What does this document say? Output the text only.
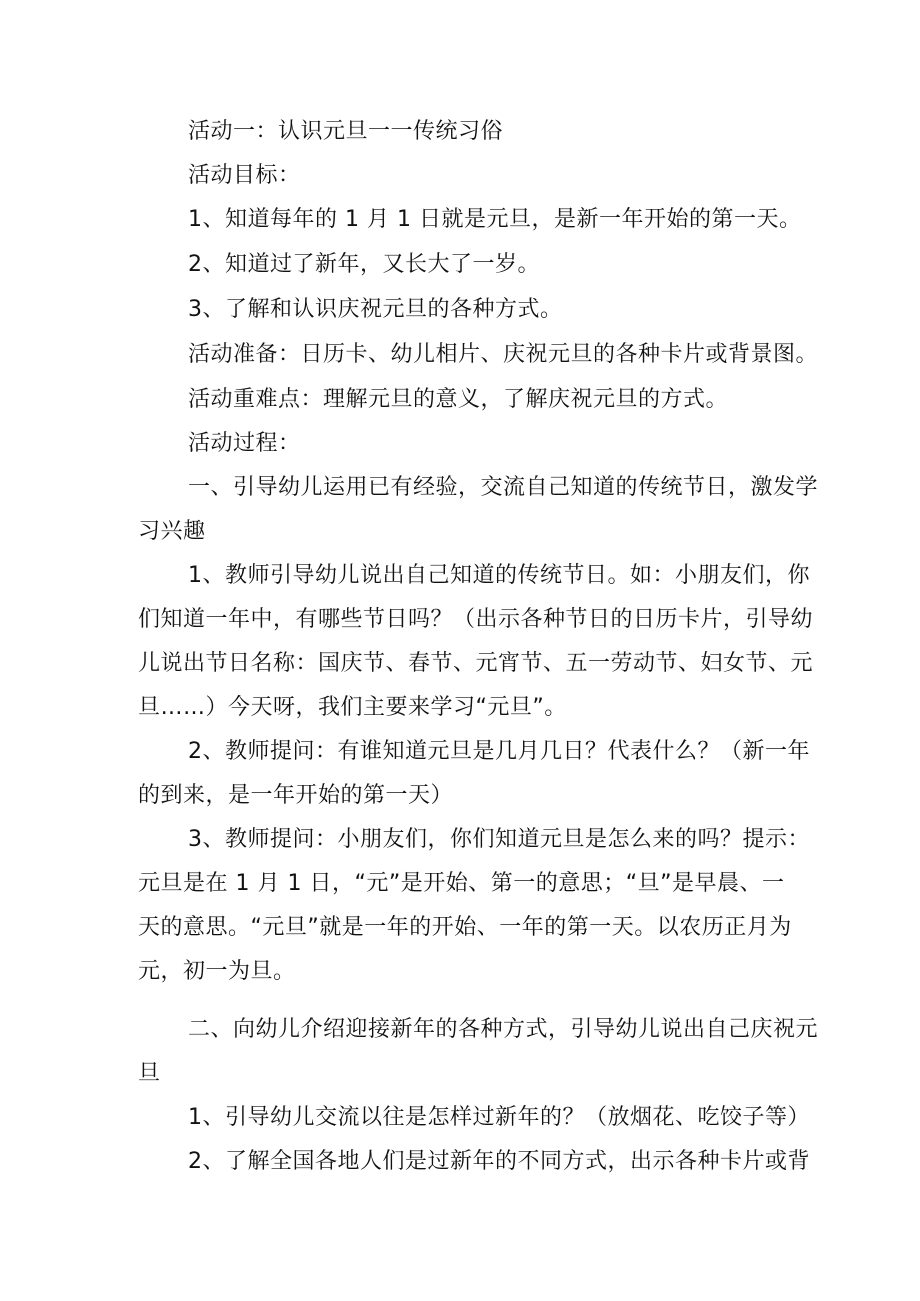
活动一：认识元旦一一传统习俗

活动目标：

1、知道每年的 1 月 1 日就是元旦，是新一年开始的第一天。

2、知道过了新年，又长大了一岁。

3、了解和认识庆祝元旦的各种方式。

活动准备：日历卡、幼儿相片、庆祝元旦的各种卡片或背景图。

活动重难点：理解元旦的意义，了解庆祝元旦的方式。

活动过程：

一、引导幼儿运用已有经验，交流自己知道的传统节日，激发学

习兴趣

1、教师引导幼儿说出自己知道的传统节日。如：小朋友们，你

们知道一年中，有哪些节日吗？（出示各种节日的日历卡片，引导幼

儿说出节日名称：国庆节、春节、元宵节、五一劳动节、妇女节、元

旦……）今天呀，我们主要来学习“元旦”。

2、教师提问：有谁知道元旦是几月几日？代表什么？（新一年

的到来，是一年开始的第一天）

3、教师提问：小朋友们，你们知道元旦是怎么来的吗？提示：

元旦是在 1 月 1 日，“元”是开始、第一的意思；“旦”是早晨、一

天的意思。“元旦”就是一年的开始、一年的第一天。以农历正月为

元，初一为旦。

二、向幼儿介绍迎接新年的各种方式，引导幼儿说出自己庆祝元

旦

1、引导幼儿交流以往是怎样过新年的？（放烟花、吃饺子等）

2、了解全国各地人们是过新年的不同方式，出示各种卡片或背
